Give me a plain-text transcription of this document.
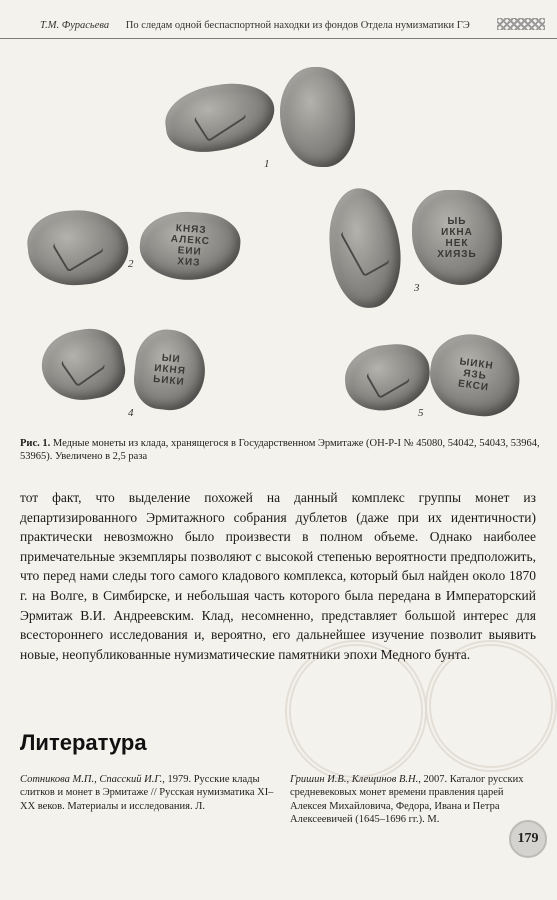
Т.М. Фурасьева По следам одной беспаспортной находки из фондов Отдела нумизматики ГЭ
1
КНЯЗ
АЛЕКС
ЕИИ
ХИЗ
2
ЫЬ
ИКНА
НЕК
ХИЯЗЬ
3
ЫИ
ИКНЯ
ЬИКИ
4
ЫИКН
ЯЗЬ
ЕКСИ
5
Рис. 1. Медные монеты из клада, хранящегося в Государственном Эрмитаже (ОН-Р-I № 45080, 54042, 54043, 53964, 53965). Увеличено в 2,5 раза

тот факт, что выделение похожей на данный комплекс группы монет из департизированного Эрмитажного собрания дублетов (даже при их идентичности) практически невозможно было произвести в полном объеме. Однако наиболее примечательные экземпляры позволяют с высокой степенью вероятности предположить, что перед нами следы того самого кладового комплекса, который был найден около 1870 г. на Волге, в Симбирске, и небольшая часть которого была передана в Императорский Эрмитаж В.И. Андреевским. Клад, несомненно, представляет большой интерес для всестороннего исследования и, вероятно, его дальнейшее изучение позволит выявить новые, неопубликованные нумизматические памятники эпохи Медного бунта.

Литература
Сотникова М.П., Спасский И.Г., 1979. Русские клады слитков и монет в Эрмитаже // Русская нумизматика XI–XX веков. Материалы и исследования. Л.
Гришин И.В., Клещинов В.Н., 2007. Каталог русских средневековых монет времени правления царей Алексея Михайловича, Федора, Ивана и Петра Алексеевичей (1645–1696 гг.). М.
179
